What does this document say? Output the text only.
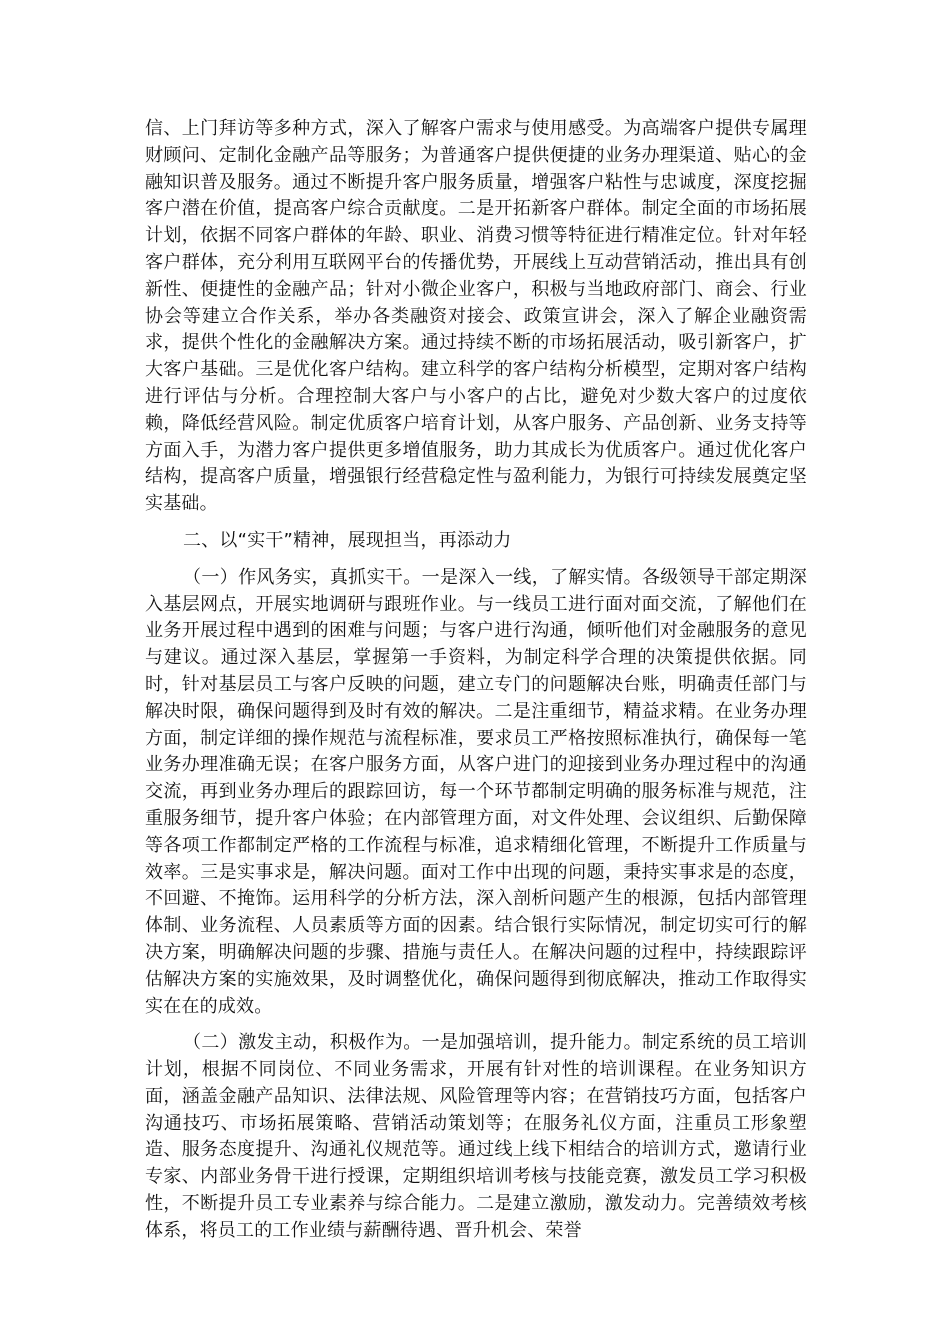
信、上门拜访等多种方式，深入了解客户需求与使用感受。为高端客户提供专属理财顾问、定制化金融产品等服务；为普通客户提供便捷的业务办理渠道、贴心的金融知识普及服务。通过不断提升客户服务质量，增强客户粘性与忠诚度，深度挖掘客户潜在价值，提高客户综合贡献度。二是开拓新客户群体。制定全面的市场拓展计划，依据不同客户群体的年龄、职业、消费习惯等特征进行精准定位。针对年轻客户群体，充分利用互联网平台的传播优势，开展线上互动营销活动，推出具有创新性、便捷性的金融产品；针对小微企业客户，积极与当地政府部门、商会、行业协会等建立合作关系，举办各类融资对接会、政策宣讲会，深入了解企业融资需求，提供个性化的金融解决方案。通过持续不断的市场拓展活动，吸引新客户，扩大客户基础。三是优化客户结构。建立科学的客户结构分析模型，定期对客户结构进行评估与分析。合理控制大客户与小客户的占比，避免对少数大客户的过度依赖，降低经营风险。制定优质客户培育计划，从客户服务、产品创新、业务支持等方面入手，为潜力客户提供更多增值服务，助力其成长为优质客户。通过优化客户结构，提高客户质量，增强银行经营稳定性与盈利能力，为银行可持续发展奠定坚实基础。

二、以“实干”精神，展现担当，再添动力

（一）作风务实，真抓实干。一是深入一线，了解实情。各级领导干部定期深入基层网点，开展实地调研与跟班作业。与一线员工进行面对面交流，了解他们在业务开展过程中遇到的困难与问题；与客户进行沟通，倾听他们对金融服务的意见与建议。通过深入基层，掌握第一手资料，为制定科学合理的决策提供依据。同时，针对基层员工与客户反映的问题，建立专门的问题解决台账，明确责任部门与解决时限，确保问题得到及时有效的解决。二是注重细节，精益求精。在业务办理方面，制定详细的操作规范与流程标准，要求员工严格按照标准执行，确保每一笔业务办理准确无误；在客户服务方面，从客户进门的迎接到业务办理过程中的沟通交流，再到业务办理后的跟踪回访，每一个环节都制定明确的服务标准与规范，注重服务细节，提升客户体验；在内部管理方面，对文件处理、会议组织、后勤保障等各项工作都制定严格的工作流程与标准，追求精细化管理，不断提升工作质量与效率。三是实事求是，解决问题。面对工作中出现的问题，秉持实事求是的态度，不回避、不掩饰。运用科学的分析方法，深入剖析问题产生的根源，包括内部管理体制、业务流程、人员素质等方面的因素。结合银行实际情况，制定切实可行的解决方案，明确解决问题的步骤、措施与责任人。在解决问题的过程中，持续跟踪评估解决方案的实施效果，及时调整优化，确保问题得到彻底解决，推动工作取得实实在在的成效。

（二）激发主动，积极作为。一是加强培训，提升能力。制定系统的员工培训计划，根据不同岗位、不同业务需求，开展有针对性的培训课程。在业务知识方面，涵盖金融产品知识、法律法规、风险管理等内容；在营销技巧方面，包括客户沟通技巧、市场拓展策略、营销活动策划等；在服务礼仪方面，注重员工形象塑造、服务态度提升、沟通礼仪规范等。通过线上线下相结合的培训方式，邀请行业专家、内部业务骨干进行授课，定期组织培训考核与技能竞赛，激发员工学习积极性，不断提升员工专业素养与综合能力。二是建立激励，激发动力。完善绩效考核体系，将员工的工作业绩与薪酬待遇、晋升机会、荣誉
